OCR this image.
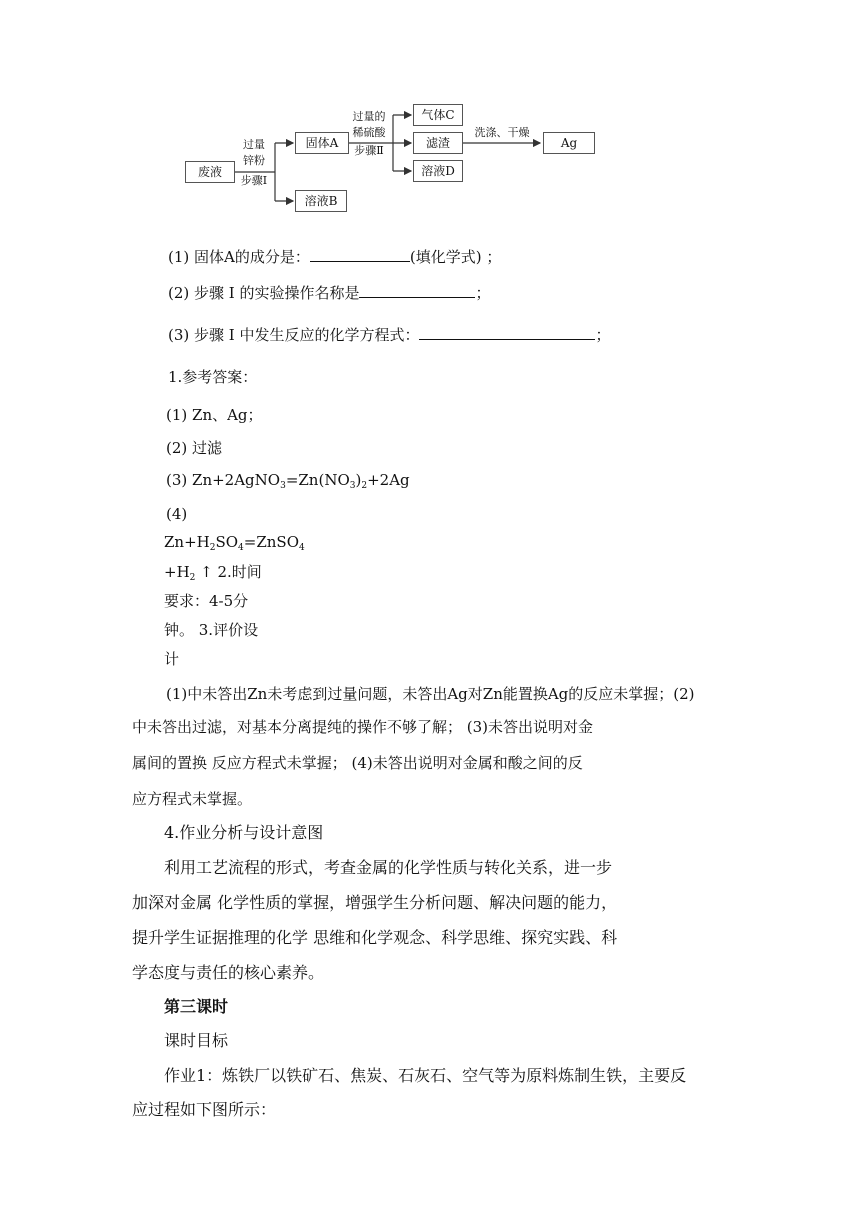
废液
过量
锌粉
步骤Ⅰ
固体A
溶液B
过量的
稀硫酸
步骤Ⅱ
气体C
滤渣
溶液D
洗涤、干燥
Ag
(1) 固体A的成分是：	(填化学式) ；
(2) 步骤 Ⅰ 的实验操作名称是	；
(3) 步骤 Ⅰ 中发生反应的化学方程式：	；
1.参考答案：
(1) Zn、Ag；
(2) 过滤
(3) $Zn+2AgNO_3=Zn(NO_3)_2+2Ag$
(4)
$Zn+H_2SO_4=ZnSO_4$
$+H_2$ ↑ 2.时间
要求：4-5分
钟。 3.评价设
计
(1)中未答出Zn未考虑到过量问题，未答出Ag对Zn能置换Ag的反应未掌握；(2)
中未答出过滤，对基本分离提纯的操作不够了解； (3)未答出说明对金
属间的置换 反应方程式未掌握； (4)未答出说明对金属和酸之间的反
应方程式未掌握。
4.作业分析与设计意图
利用工艺流程的形式，考查金属的化学性质与转化关系，进一步
加深对金属 化学性质的掌握，增强学生分析问题、解决问题的能力，
提升学生证据推理的化学 思维和化学观念、科学思维、探究实践、科
学态度与责任的核心素养。
第三课时
课时目标
作业1：炼铁厂以铁矿石、焦炭、石灰石、空气等为原料炼制生铁，主要反
应过程如下图所示：
